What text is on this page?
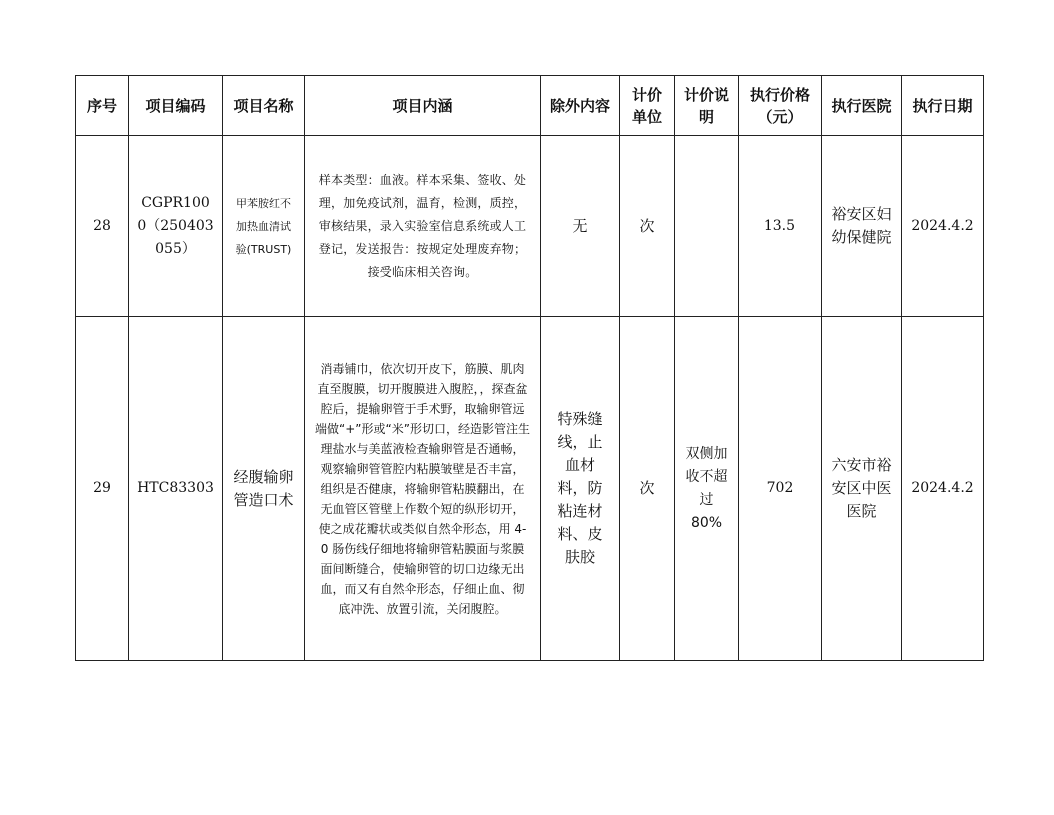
序号	项目编码	项目名称	项目内涵	除外内容	计价单位	计价说明	执行价格（元）	执行医院	执行日期
28	CGPR1000（250403055）	甲苯胺红不加热血清试验(TRUST)	样本类型：血液。样本采集、签收、处理，加免疫试剂，温育，检测，质控，审核结果，录入实验室信息系统或人工登记，发送报告：按规定处理废弃物；接受临床相关咨询。	无	次		13.5	裕安区妇幼保健院	2024.4.2
29	HTC83303	经腹输卵管造口术	消毒铺巾，依次切开皮下，筋膜、肌肉直至腹膜，切开腹膜进入腹腔，，探查盆腔后，提输卵管于手术野，取输卵管远端做“+”形或“米”形切口，经造影管注生理盐水与美蓝液检查输卵管是否通畅，观察输卵管管腔内粘膜皱壁是否丰富，组织是否健康，将输卵管粘膜翻出，在无血管区管壁上作数个短的纵形切开，使之成花瓣状或类似自然伞形态，用 4-0 肠伤线仔细地将输卵管粘膜面与浆膜面间断缝合，使输卵管的切口边缘无出血，而又有自然伞形态，仔细止血、彻底冲洗、放置引流，关闭腹腔。	特殊缝线，止血材料，防粘连材料、皮肤胶	次	双侧加收不超过 80%	702	六安市裕安区中医医院	2024.4.2
